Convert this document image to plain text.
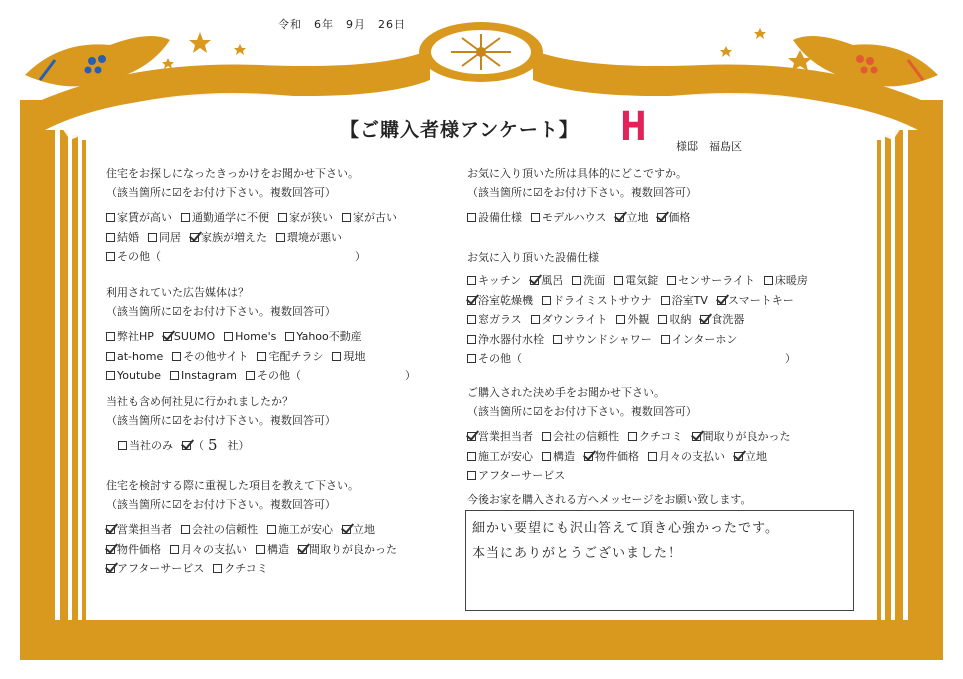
令和　6年　9月　26日
【ご購入者様アンケート】 H	様邸　福島区
住宅をお探しになったきっかけをお聞かせ下さい。
（該当箇所に☑をお付け下さい。複数回答可）
家賃が高い 通勤通学に不便 家が狭い 家が古い
結婚 同居 家族が増えた 環境が悪い
その他（	）
利用されていた広告媒体は？
（該当箇所に☑をお付け下さい。複数回答可）
弊社HP SUUMO Home's Yahoo不動産
at-home その他サイト 宅配チラシ 現地
Youtube Instagram その他（	）
当社も含め何社見に行かれましたか？
（該当箇所に☑をお付け下さい。複数回答可）
当社のみ （ 5 社）
住宅を検討する際に重視した項目を教えて下さい。
（該当箇所に☑をお付け下さい。複数回答可）
営業担当者 会社の信頼性 施工が安心 立地
物件価格 月々の支払い 構造 間取りが良かった
アフターサービス クチコミ
お気に入り頂いた所は具体的にどこですか。
（該当箇所に☑をお付け下さい。複数回答可）
設備仕様 モデルハウス 立地 価格
お気に入り頂いた設備仕様
キッチン 風呂 洗面 電気錠 センサーライト 床暖房
浴室乾燥機 ドライミストサウナ 浴室TV スマートキー
窓ガラス ダウンライト 外観 収納 食洗器
浄水器付水栓 サウンドシャワー インターホン
その他（	）
ご購入された決め手をお聞かせ下さい。
（該当箇所に☑をお付け下さい。複数回答可）
営業担当者 会社の信頼性 クチコミ 間取りが良かった
施工が安心 構造 物件価格 月々の支払い 立地
アフターサービス
今後お家を購入される方へメッセージをお願い致します。
細かい要望にも沢山答えて頂き心強かったです。
本当にありがとうございました！
